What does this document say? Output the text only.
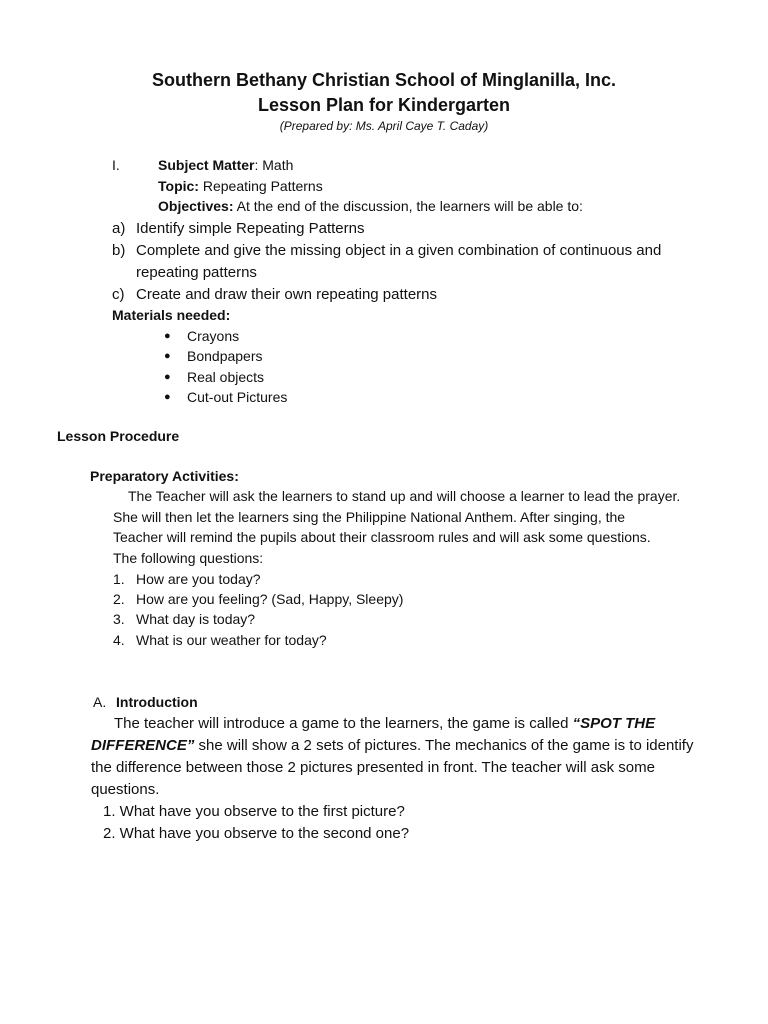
Southern Bethany Christian School of Minglanilla, Inc.
Lesson Plan for Kindergarten
(Prepared by: Ms. April Caye T. Caday)
I.	Subject Matter: Math
Topic: Repeating Patterns
Objectives: At the end of the discussion, the learners will be able to:
a) Identify simple Repeating Patterns
b) Complete and give the missing object in a given combination of continuous and
repeating patterns
c) Create and draw their own repeating patterns
Materials needed:
● Crayons
● Bondpapers
● Real objects
● Cut-out Pictures
Lesson Procedure
Preparatory Activities:
The Teacher will ask the learners to stand up and will choose a learner to lead the prayer.
She will then let the learners sing the Philippine National Anthem. After singing, the
Teacher will remind the pupils about their classroom rules and will ask some questions.
The following questions:
1. How are you today?
2. How are you feeling? (Sad, Happy, Sleepy)
3. What day is today?
4. What is our weather for today?
A. Introduction
The teacher will introduce a game to the learners, the game is called “SPOT THE
DIFFERENCE” she will show a 2 sets of pictures. The mechanics of the game is to identify
the difference between those 2 pictures presented in front. The teacher will ask some
questions.
1. What have you observe to the first picture?
2. What have you observe to the second one?
